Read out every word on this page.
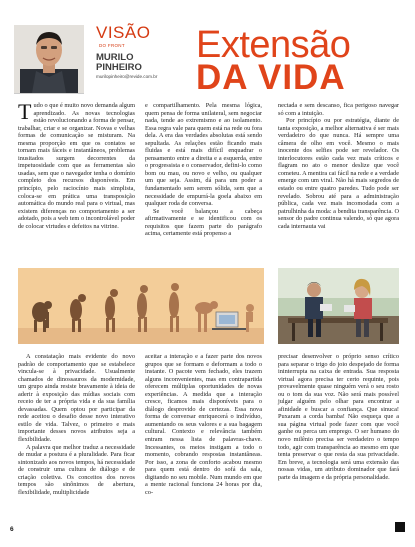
VISÃO
DO FRONT
MURILO
PINHEIRO
murilopinheiro@revide.com.br
Extensão
DA VIDA

Tudo o que é muito novo demanda algum aprendizado. As novas tecnologias estão revolucionando a forma de pensar, trabalhar, criar e se organizar. Novas e velhas formas de comunicação se misturam. Na mesma proporção em que os contatos se tornam mais fáceis e instantâneos, problemas inusitados surgem decorrentes da impetuosidade com que as ferramentas são usadas, sem que o navegador tenha o domínio completo dos recursos disponíveis. Em princípio, pelo raciocínio mais simplista, coloca-se em prática uma transposição automática do mundo real para o virtual, mas existem diferenças no comportamento a ser adotado, pois a web tem o incontrolável poder de colocar virtudes e defeitos na vitrine.

e compartilhamento. Pela mesma lógica, quem pensa de forma unilateral, sem negociar nada, tende ao extremismo e ao isolamento. Essa regra vale para quem está na rede ou fora dela. A era das verdades absolutas está sendo sepultada. As relações estão ficando mais fluidas e está mais difícil enquadrar o pensamento entre a direita e a esquerda, entre o progressista e o conservador, defini-lo como bom ou mau, ou novo e velho, ou qualquer um que seja. Assim, dá para um poder a fundamentado sem serem sólida, sem que a necessidade de empurrá-la goela abaixo em qualquer roda de conversa.

Se você balançou a cabeça afirmativamente e se identificou com os requisitos que fazem parte do parágrafo acima, certamente está propenso a

nectada e sem descanso, fica perigoso navegar só com a intuição.

Por princípio ou por estratégia, diante de tanta exposição, a melhor alternativa é ser mais verdadeiro do que nunca. Há sempre uma câmera de olho em você. Mesmo o mais inocente dos selfies pode ser revelador. Os interlocutores estão cada vez mais críticos e flagram no ato o menor deslize que você cometeu. A mentira cai fácil na rede e a verdade emerge com um viral. Não há mais segredos de estado ou entre quatro paredes. Tudo pode ser revelado. Sobrou até para a administração pública, cada vez mais incomodada com a patrulhinha da moda: a bendita transparência. O sensor do padre continua valendo, só que agora cada internauta vai

A constatação mais evidente do novo padrão de comportamento que se estabelece vincula-se à privacidade. Usualmente chamados de dinossauros da modernidade, um grupo ainda resiste bravamente à ideia de aderir à exposição das mídias sociais com receio de ter a própria vida e da sua família devassadas. Quem optou por participar da rede aceitou o desafio desse novo interativo estilo de vida. Talvez, o primeiro e mais importante desses novos atributos seja a flexibilidade.

A palavra que melhor traduz a necessidade de mudar a postura é a pluralidade. Para ficar sintonizado aos novos tempos, há necessidade de construir uma cultura de diálogo e de criação coletiva. Os conceitos dos novos tempos são sinônimos de abertura, flexibilidade, multiplicidade

aceitar a interação e a fazer parte dos novos grupos que se formam e deformam a todo o instante. O pacote vem fechado, eles trazem alguns inconvenientes, mas em contrapartida oferecem múltiplas oportunidades de novas experiências. A medida que a interação cresce, ficamos mais disponíveis para o diálogo desprovido de certezas. Essa nova forma de conversar enriquecerá o indivíduo, aumentando os seus valores e a sua bagagem cultural. Contexto e relevância também entram nessa lista de palavras-chave. Incessantes, os meios instigam a todo o momento, cobrando respostas instantâneas. Por isso, a zona de conforto acabou mesmo para quem está dentro do sofá da sala, digitando no seu mobile. Num mundo em que a mente racional funciona 24 horas por dia, co-

precisar desenvolver o próprio senso crítico para separar o trigo do joio despejado de forma ininterrupta na caixa de entrada. Sua resposta virtual agora precisa ter certo requinte, pois provavelmente quase ninguém verá o seu rosto ou o tom da sua voz. Não será mais possível julgar alguém pelo olhar para encontrar a afinidade e buscar a confiança. Que sinuca! Puxaram a corda bamba! Não esqueça que a sua página virtual pode fazer com que você ganhe ou perca um emprego. O ser humano do novo milênio precisa ser verdadeiro o tempo todo, agir com transparência ao mesmo em que tenta preservar o que resta da sua privacidade. Em breve, a tecnologia será uma extensão das nossas vidas, um atributo dominador que fará parte da imagem e da própria personalidade.

6
